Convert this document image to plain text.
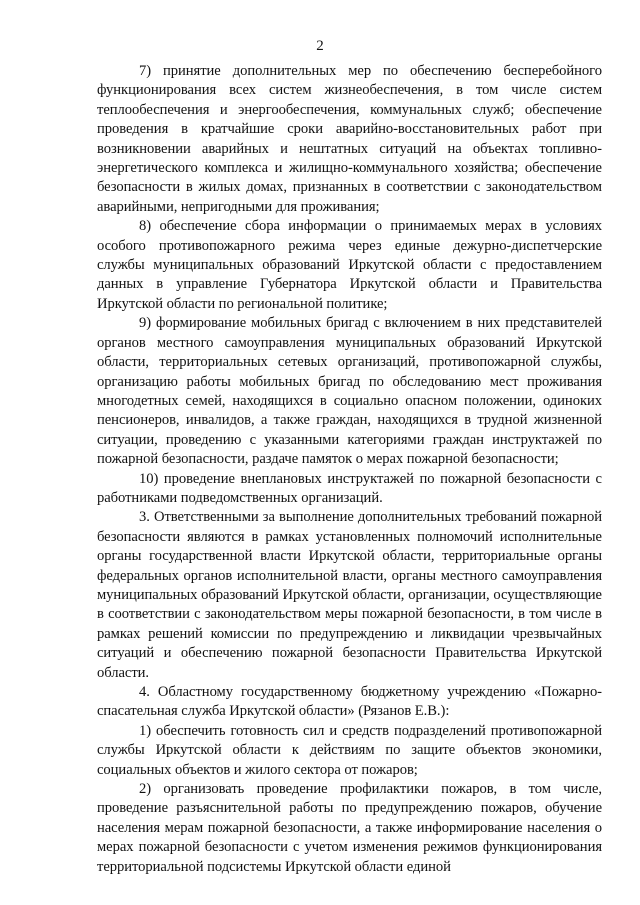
2

7) принятие дополнительных мер по обеспечению бесперебойного функционирования всех систем жизнеобеспечения, в том числе систем теплообеспечения и энергообеспечения, коммунальных служб; обеспечение проведения в кратчайшие сроки аварийно-восстановительных работ при возникновении аварийных и нештатных ситуаций на объектах топливно-энергетического комплекса и жилищно-коммунального хозяйства; обеспечение безопасности в жилых домах, признанных в соответствии с законодательством аварийными, непригодными для проживания;

8) обеспечение сбора информации о принимаемых мерах в условиях особого противопожарного режима через единые дежурно-диспетчерские службы муниципальных образований Иркутской области с предоставлением данных в управление Губернатора Иркутской области и Правительства Иркутской области по региональной политике;

9) формирование мобильных бригад с включением в них представителей органов местного самоуправления муниципальных образований Иркутской области, территориальных сетевых организаций, противопожарной службы, организацию работы мобильных бригад по обследованию мест проживания многодетных семей, находящихся в социально опасном положении, одиноких пенсионеров, инвалидов, а также граждан, находящихся в трудной жизненной ситуации, проведению с указанными категориями граждан инструктажей по пожарной безопасности, раздаче памяток о мерах пожарной безопасности;

10) проведение внеплановых инструктажей по пожарной безопасности с работниками подведомственных организаций.

3. Ответственными за выполнение дополнительных требований пожарной безопасности являются в рамках установленных полномочий исполнительные органы государственной власти Иркутской области, территориальные органы федеральных органов исполнительной власти, органы местного самоуправления муниципальных образований Иркутской области, организации, осуществляющие в соответствии с законодательством меры пожарной безопасности, в том числе в рамках решений комиссии по предупреждению и ликвидации чрезвычайных ситуаций и обеспечению пожарной безопасности Правительства Иркутской области.

4. Областному государственному бюджетному учреждению «Пожарно-спасательная служба Иркутской области» (Рязанов Е.В.):

1) обеспечить готовность сил и средств подразделений противопожарной службы Иркутской области к действиям по защите объектов экономики, социальных объектов и жилого сектора от пожаров;

2) организовать проведение профилактики пожаров, в том числе, проведение разъяснительной работы по предупреждению пожаров, обучение населения мерам пожарной безопасности, а также информирование населения о мерах пожарной безопасности с учетом изменения режимов функционирования территориальной подсистемы Иркутской области единой
